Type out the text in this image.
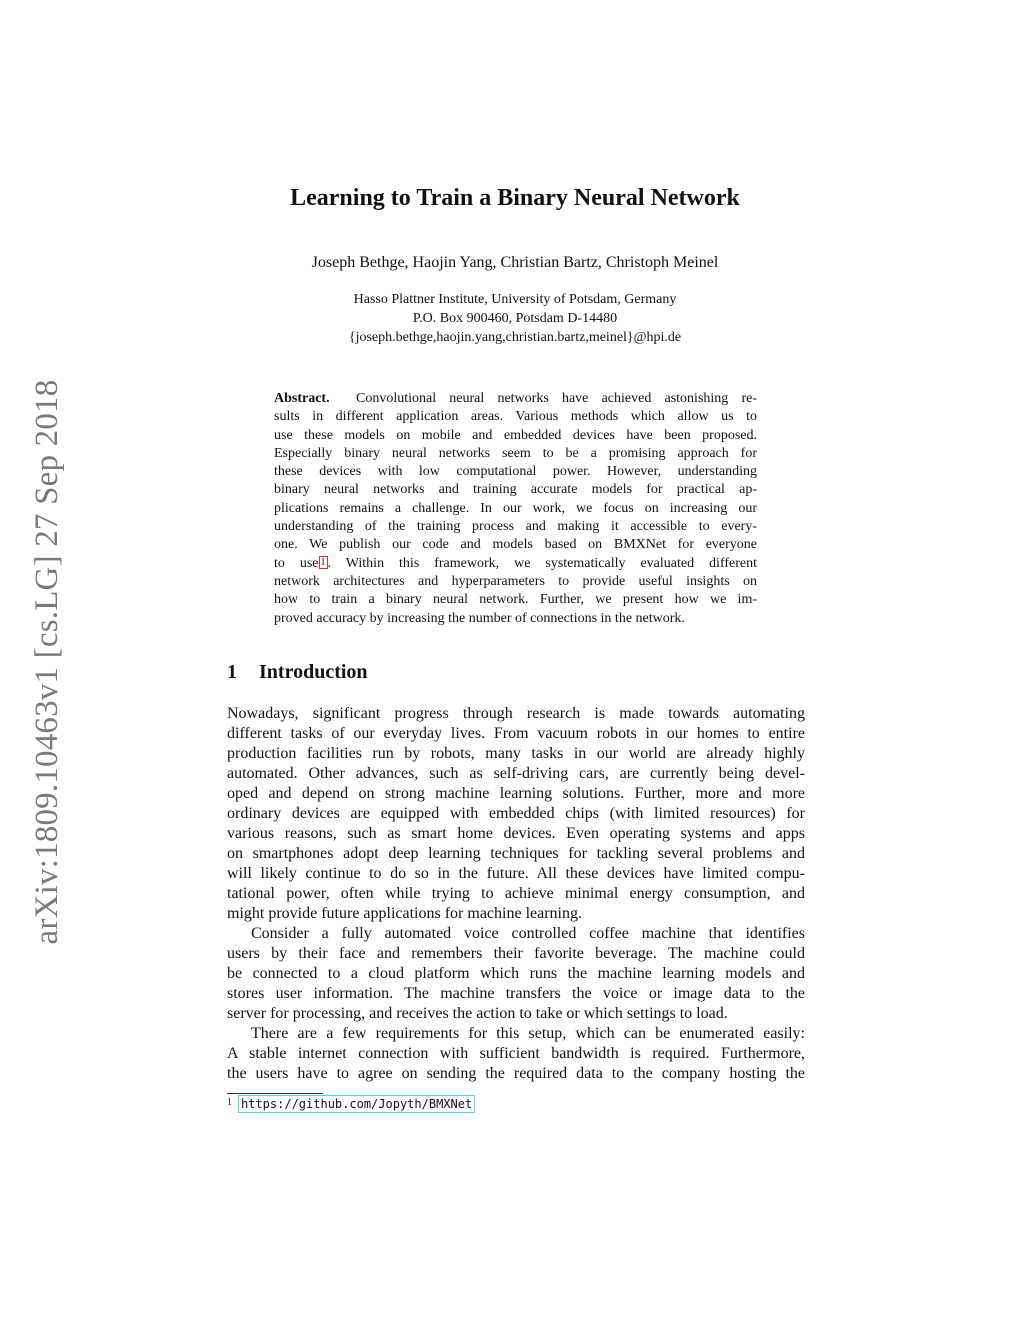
arXiv:1809.10463v1 [cs.LG] 27 Sep 2018
Learning to Train a Binary Neural Network
Joseph Bethge, Haojin Yang, Christian Bartz, Christoph Meinel
Hasso Plattner Institute, University of Potsdam, Germany
P.O. Box 900460, Potsdam D-14480
{joseph.bethge,haojin.yang,christian.bartz,meinel}@hpi.de
Abstract. Convolutional neural networks have achieved astonishing re-
sults in different application areas. Various methods which allow us to
use these models on mobile and embedded devices have been proposed.
Especially binary neural networks seem to be a promising approach for
these devices with low computational power. However, understanding
binary neural networks and training accurate models for practical ap-
plications remains a challenge. In our work, we focus on increasing our
understanding of the training process and making it accessible to every-
one. We publish our code and models based on BMXNet for everyone
to use 1 . Within this framework, we systematically evaluated different
network architectures and hyperparameters to provide useful insights on
how to train a binary neural network. Further, we present how we im-
proved accuracy by increasing the number of connections in the network.
1 Introduction
Nowadays, significant progress through research is made towards automating
different tasks of our everyday lives. From vacuum robots in our homes to entire
production facilities run by robots, many tasks in our world are already highly
automated. Other advances, such as self-driving cars, are currently being devel-
oped and depend on strong machine learning solutions. Further, more and more
ordinary devices are equipped with embedded chips (with limited resources) for
various reasons, such as smart home devices. Even operating systems and apps
on smartphones adopt deep learning techniques for tackling several problems and
will likely continue to do so in the future. All these devices have limited compu-
tational power, often while trying to achieve minimal energy consumption, and
might provide future applications for machine learning.
Consider a fully automated voice controlled coffee machine that identifies
users by their face and remembers their favorite beverage. The machine could
be connected to a cloud platform which runs the machine learning models and
stores user information. The machine transfers the voice or image data to the
server for processing, and receives the action to take or which settings to load.
There are a few requirements for this setup, which can be enumerated easily:
A stable internet connection with sufficient bandwidth is required. Furthermore,
the users have to agree on sending the required data to the company hosting the
$^1$ https://github.com/Jopyth/BMXNet
